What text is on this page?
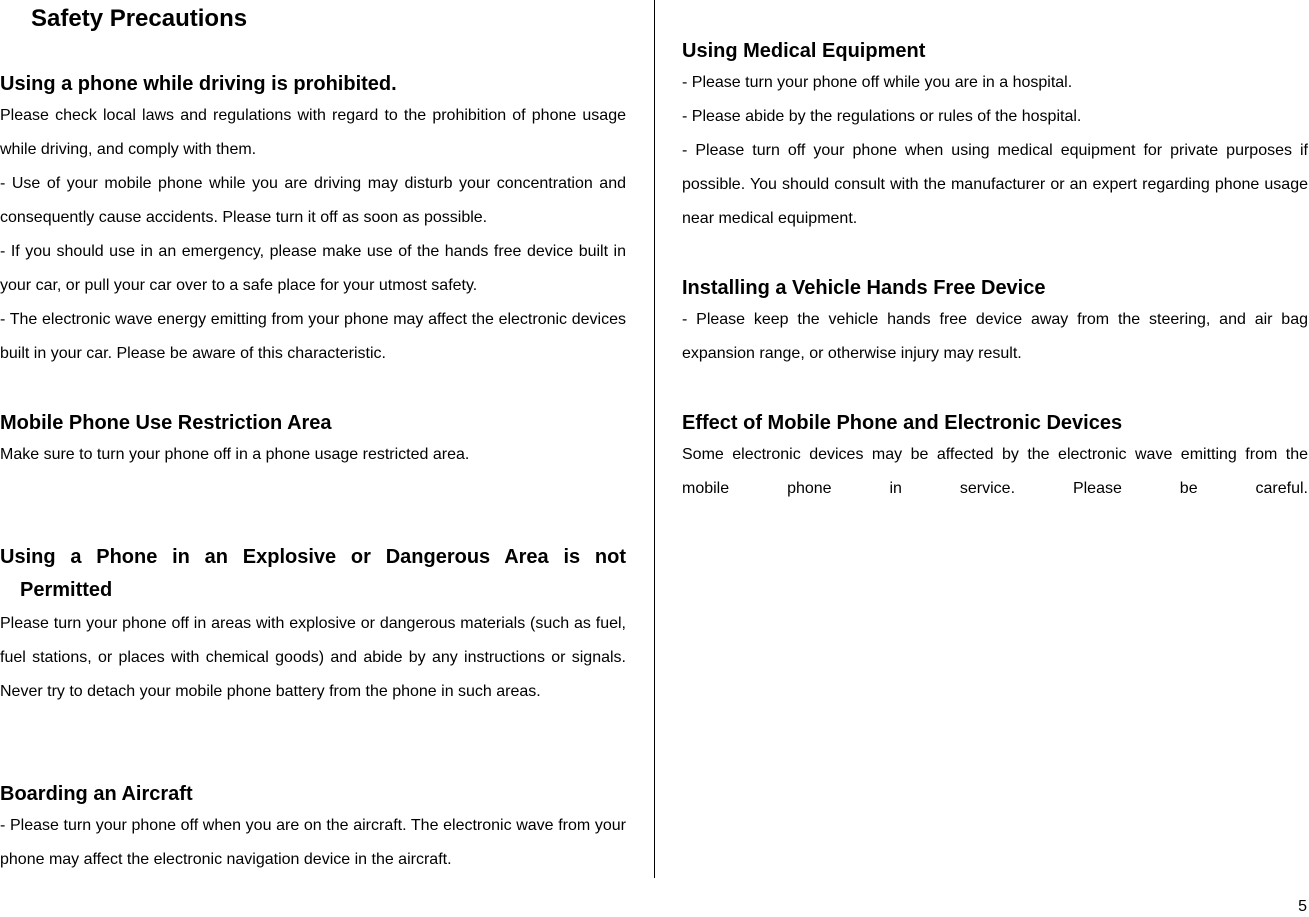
Safety Precautions
Using a phone while driving is prohibited.

Please check local laws and regulations with regard to the prohibition of phone usage while driving, and comply with them.

- Use of your mobile phone while you are driving may disturb your concentration and consequently cause accidents. Please turn it off as soon as possible.

- If you should use in an emergency, please make use of the hands free device built in your car, or pull your car over to a safe place for your utmost safety.

- The electronic wave energy emitting from your phone may affect the electronic devices built in your car. Please be aware of this characteristic.

Mobile Phone Use Restriction Area

Make sure to turn your phone off in a phone usage restricted area.

Using a Phone in an Explosive or Dangerous Area is not
Permitted

Please turn your phone off in areas with explosive or dangerous materials (such as fuel, fuel stations, or places with chemical goods) and abide by any instructions or signals. Never try to detach your mobile phone battery from the phone in such areas.

Boarding an Aircraft

- Please turn your phone off when you are on the aircraft. The electronic wave from your phone may affect the electronic navigation device in the aircraft.

Using Medical Equipment

- Please turn your phone off while you are in a hospital.

- Please abide by the regulations or rules of the hospital.

- Please turn off your phone when using medical equipment for private purposes if possible. You should consult with the manufacturer or an expert regarding phone usage near medical equipment.

Installing a Vehicle Hands Free Device

- Please keep the vehicle hands free device away from the steering, and air bag expansion range, or otherwise injury may result.

Effect of Mobile Phone and Electronic Devices

Some electronic devices may be affected by the electronic wave emitting from the

mobile phone in service. Please be careful.

5
